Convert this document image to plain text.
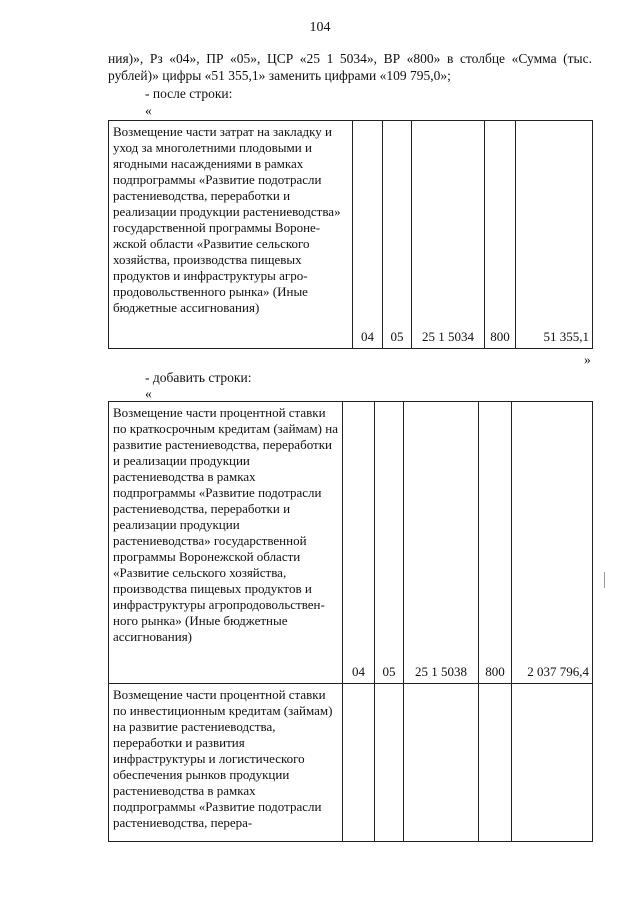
104
ния)», Рз «04», ПР «05», ЦСР «25 1 5034», ВР «800» в столбце «Сумма (тыс. рублей)» цифры «51 355,1» заменить цифрами «109 795,0»;
- после строки:
«
Возмещение части затрат на закладку и уход за многолетними плодовыми и ягодными насаждениями в рамках подпрограммы «Развитие подотрасли растениеводства, переработки и реализации продукции растениеводства» государственной программы Воронежской области «Развитие сельского хозяйства, производства пищевых продуктов и инфраструктуры агропродовольственного рынка» (Иные бюджетные ассигнования)	04	05	25 1 5034	800	51 355,1
»
- добавить строки:
«
Возмещение части процентной ставки по краткосрочным кредитам (займам) на развитие растениеводства, переработки и реализации продукции растениеводства в рамках подпрограммы «Развитие подотрасли растениеводства, переработки и реализации продукции растениеводства» государственной программы Воронежской области «Развитие сельского хозяйства, производства пищевых продуктов и инфраструктуры агропродовольственного рынка» (Иные бюджетные ассигнования)	04	05	25 1 5038	800	2 037 796,4
Возмещение части процентной ставки по инвестиционным кредитам (займам) на развитие растениеводства, переработки и развития инфраструктуры и логистического обеспечения рынков продукции растениеводства в рамках подпрограммы «Развитие подотрасли растениеводства, перера-					
